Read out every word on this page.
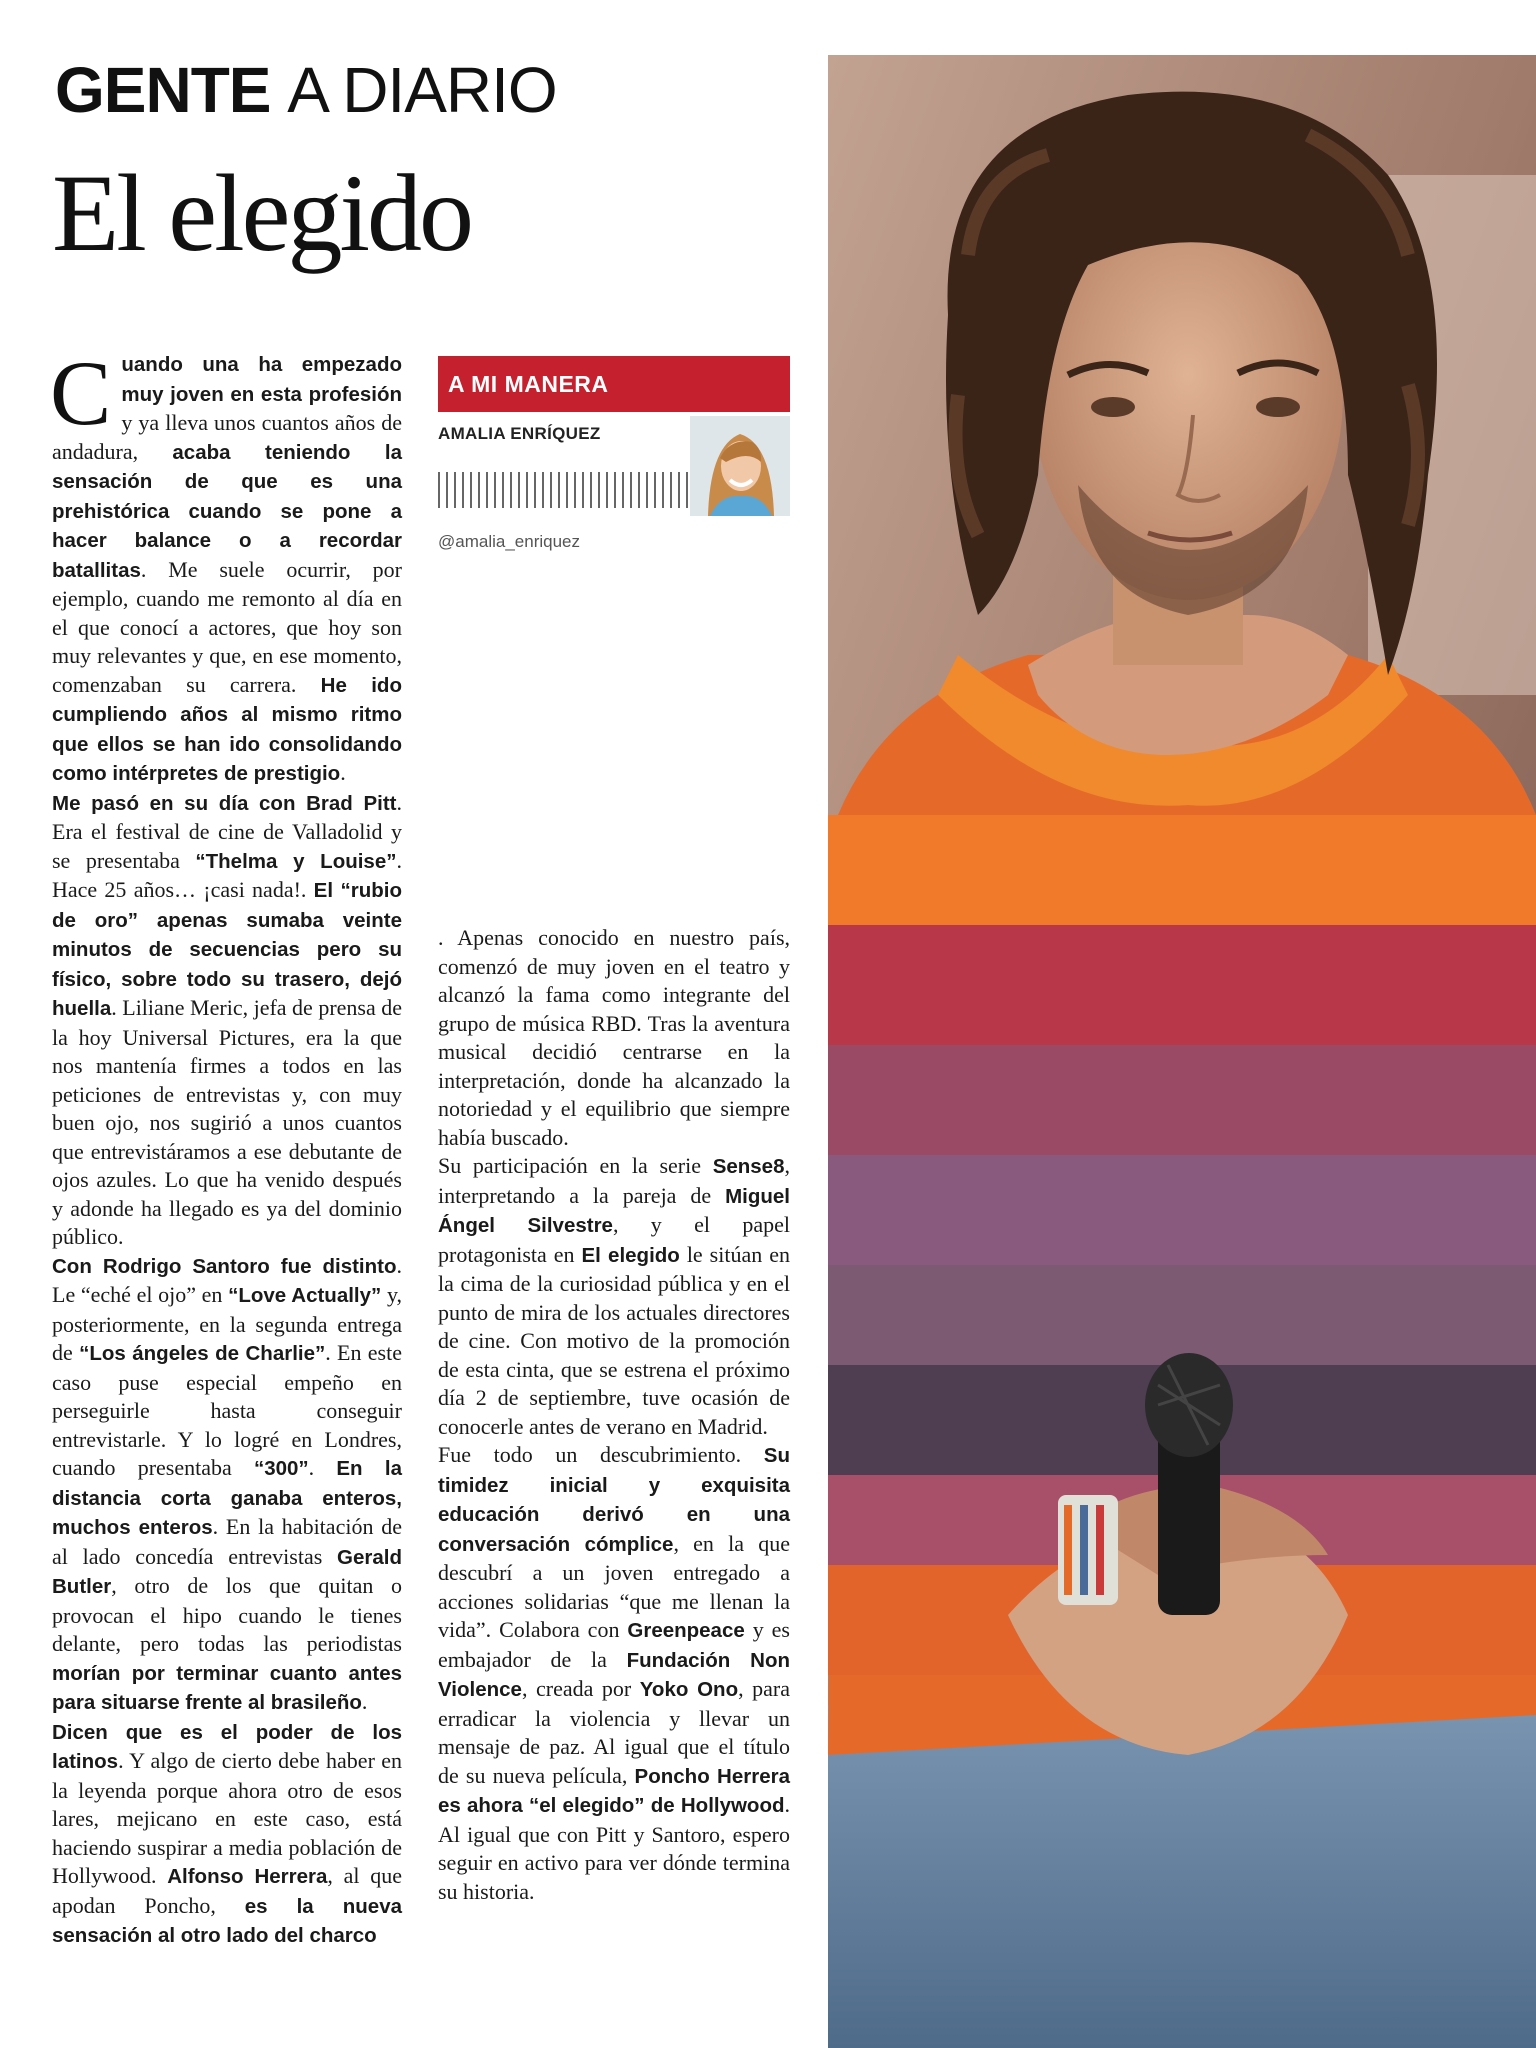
GENTE A DIARIO
El elegido

Cuando una ha empezado muy joven en esta profesión y ya lleva unos cuantos años de andadura, acaba teniendo la sensación de que es una prehistórica cuando se pone a hacer balance o a recordar batallitas. Me suele ocurrir, por ejemplo, cuando me remonto al día en el que conocí a actores, que hoy son muy relevantes y que, en ese momento, comenzaban su carrera. He ido cumpliendo años al mismo ritmo que ellos se han ido consolidando como intérpretes de prestigio.

Me pasó en su día con Brad Pitt. Era el festival de cine de Valladolid y se presentaba “Thelma y Louise”. Hace 25 años… ¡casi nada!. El “rubio de oro” apenas sumaba veinte minutos de secuencias pero su físico, sobre todo su trasero, dejó huella. Liliane Meric, jefa de prensa de la hoy Universal Pictures, era la que nos mantenía firmes a todos en las peticiones de entrevistas y, con muy buen ojo, nos sugirió a unos cuantos que entrevistáramos a ese debutante de ojos azules. Lo que ha venido después y adonde ha llegado es ya del dominio público.

Con Rodrigo Santoro fue distinto. Le “eché el ojo” en “Love Actually” y, posteriormente, en la segunda entrega de “Los ángeles de Charlie”. En este caso puse especial empeño en perseguirle hasta conseguir entrevistarle. Y lo logré en Londres, cuando presentaba “300”. En la distancia corta ganaba enteros, muchos enteros. En la habitación de al lado concedía entrevistas Gerald Butler, otro de los que quitan o provocan el hipo cuando le tienes delante, pero todas las periodistas morían por terminar cuanto antes para situarse frente al brasileño.

Dicen que es el poder de los latinos. Y algo de cierto debe haber en la leyenda porque ahora otro de esos lares, mejicano en este caso, está haciendo suspirar a media población de Hollywood. Alfonso Herrera, al que apodan Poncho, es la nueva sensación al otro lado del charco

A MI MANERA
AMALIA ENRÍQUEZ
@amalia_enriquez

. Apenas conocido en nuestro país, comenzó de muy joven en el teatro y alcanzó la fama como integrante del grupo de música RBD. Tras la aventura musical decidió centrarse en la interpretación, donde ha alcanzado la notoriedad y el equilibrio que siempre había buscado.

Su participación en la serie Sense8, interpretando a la pareja de Miguel Ángel Silvestre, y el papel protagonista en El elegido le sitúan en la cima de la curiosidad pública y en el punto de mira de los actuales directores de cine. Con motivo de la promoción de esta cinta, que se estrena el próximo día 2 de septiembre, tuve ocasión de conocerle antes de verano en Madrid.

Fue todo un descubrimiento. Su timidez inicial y exquisita educación derivó en una conversación cómplice, en la que descubrí a un joven entregado a acciones solidarias “que me llenan la vida”. Colabora con Greenpeace y es embajador de la Fundación Non Violence, creada por Yoko Ono, para erradicar la violencia y llevar un mensaje de paz. Al igual que el título de su nueva película, Poncho Herrera es ahora “el elegido” de Hollywood. Al igual que con Pitt y Santoro, espero seguir en activo para ver dónde termina su historia.
